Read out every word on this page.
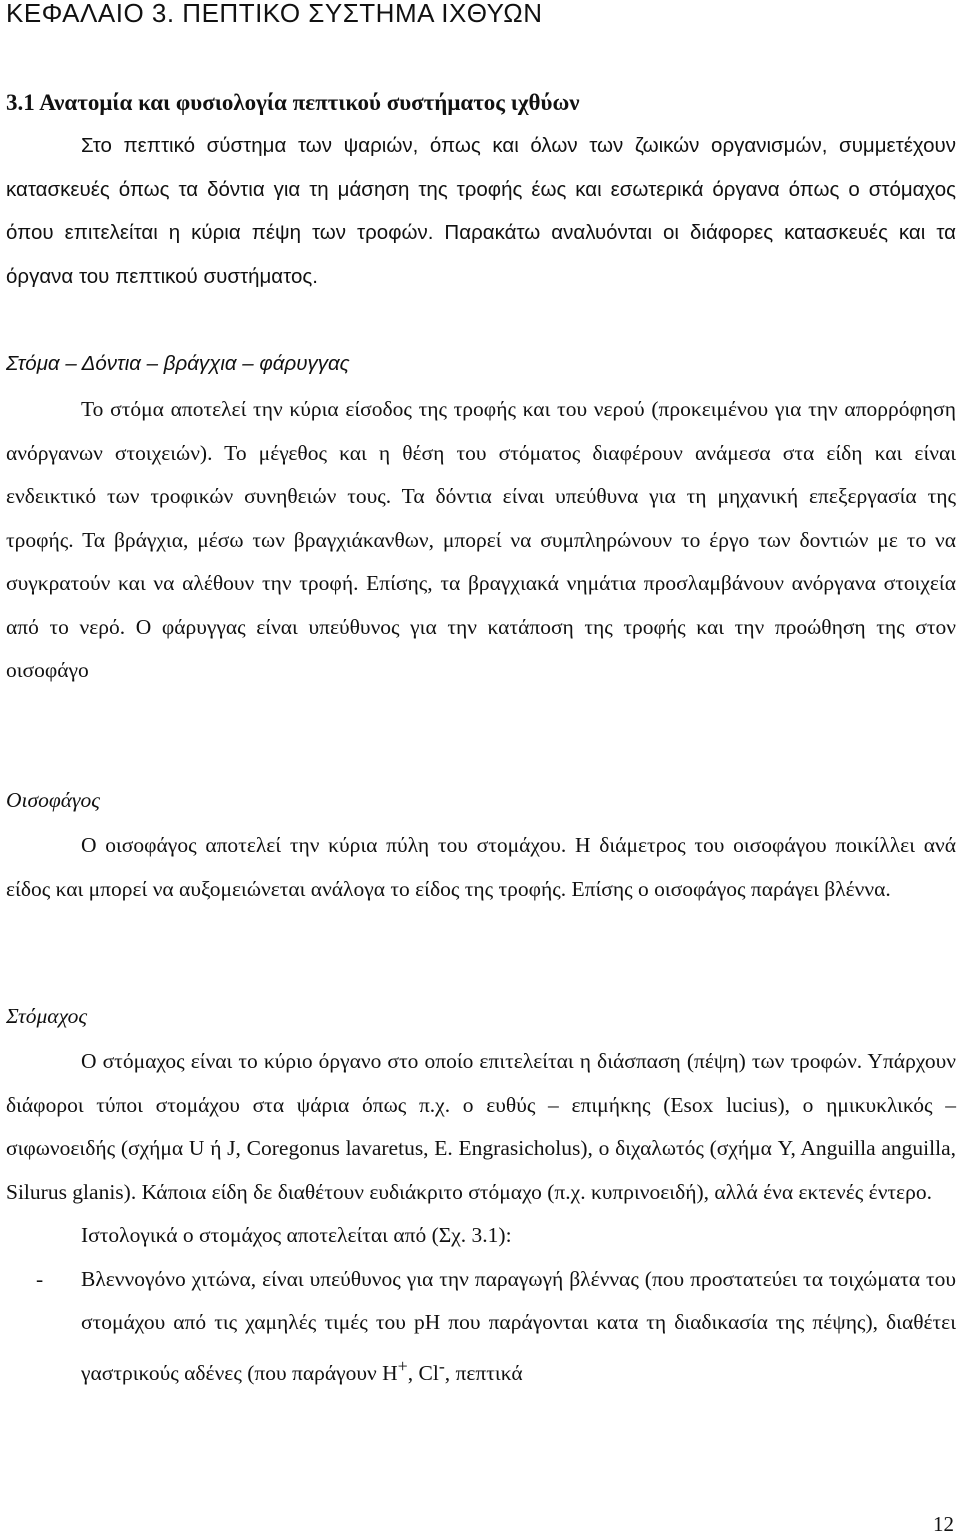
ΚΕΦΑΛΑΙΟ 3. ΠΕΠΤΙΚΟ ΣΥΣΤΗΜΑ ΙΧΘΥΩΝ
3.1 Ανατομία και φυσιολογία πεπτικού συστήματος ιχθύων

Στο πεπτικό σύστημα των ψαριών, όπως και όλων των ζωικών οργανισμών, συμμετέχουν κατασκευές όπως τα δόντια για τη μάσηση της τροφής έως και εσωτερικά όργανα όπως ο στόμαχος όπου επιτελείται η κύρια πέψη των τροφών. Παρακάτω αναλυόνται οι διάφορες κατασκευές και τα όργανα του πεπτικού συστήματος.

Στόμα – Δόντια – βράγχια – φάρυγγας

Το στόμα αποτελεί την κύρια είσοδος της τροφής και του νερού (προκειμένου για την απορρόφηση ανόργανων στοιχειών). Το μέγεθος και η θέση του στόματος διαφέρουν ανάμεσα στα είδη και είναι ενδεικτικό των τροφικών συνηθειών τους. Τα δόντια είναι υπεύθυνα για τη μηχανική επεξεργασία της τροφής. Τα βράγχια, μέσω των βραγχιάκανθων, μπορεί να συμπληρώνουν το έργο των δοντιών με το να συγκρατούν και να αλέθουν την τροφή. Επίσης, τα βραγχιακά νημάτια προσλαμβάνουν ανόργανα στοιχεία από το νερό. Ο φάρυγγας είναι υπεύθυνος για την κατάποση της τροφής και την προώθηση της στον οισοφάγο

Οισοφάγος

Ο οισοφάγος αποτελεί την κύρια πύλη του στομάχου. Η διάμετρος του οισοφάγου ποικίλλει ανά είδος και μπορεί να αυξομειώνεται ανάλογα το είδος της τροφής. Επίσης ο οισοφάγος παράγει βλέννα.

Στόμαχος

Ο στόμαχος είναι το κύριο όργανο στο οποίο επιτελείται η διάσπαση (πέψη) των τροφών. Υπάρχουν διάφοροι τύποι στομάχου στα ψάρια όπως π.χ. ο ευθύς – επιμήκης (Esox lucius), ο ημικυκλικός – σιφωνοειδής (σχήμα U ή J, Coregonus lavaretus, E. Engrasicholus), ο διχαλωτός (σχήμα Y, Anguilla anguilla, Silurus glanis). Κάποια είδη δε διαθέτουν ευδιάκριτο στόμαχο (π.χ. κυπρινοειδή), αλλά ένα εκτενές έντερο.

Ιστολογικά ο στομάχος αποτελείται από (Σχ. 3.1):

- Βλεννογόνο χιτώνα, είναι υπεύθυνος για την παραγωγή βλέννας (που προστατεύει τα τοιχώματα του στομάχου από τις χαμηλές τιμές του pH που παράγονται κατα τη διαδικασία της πέψης), διαθέτει γαστρικούς αδένες (που παράγουν H+, Cl-, πεπτικά

12
